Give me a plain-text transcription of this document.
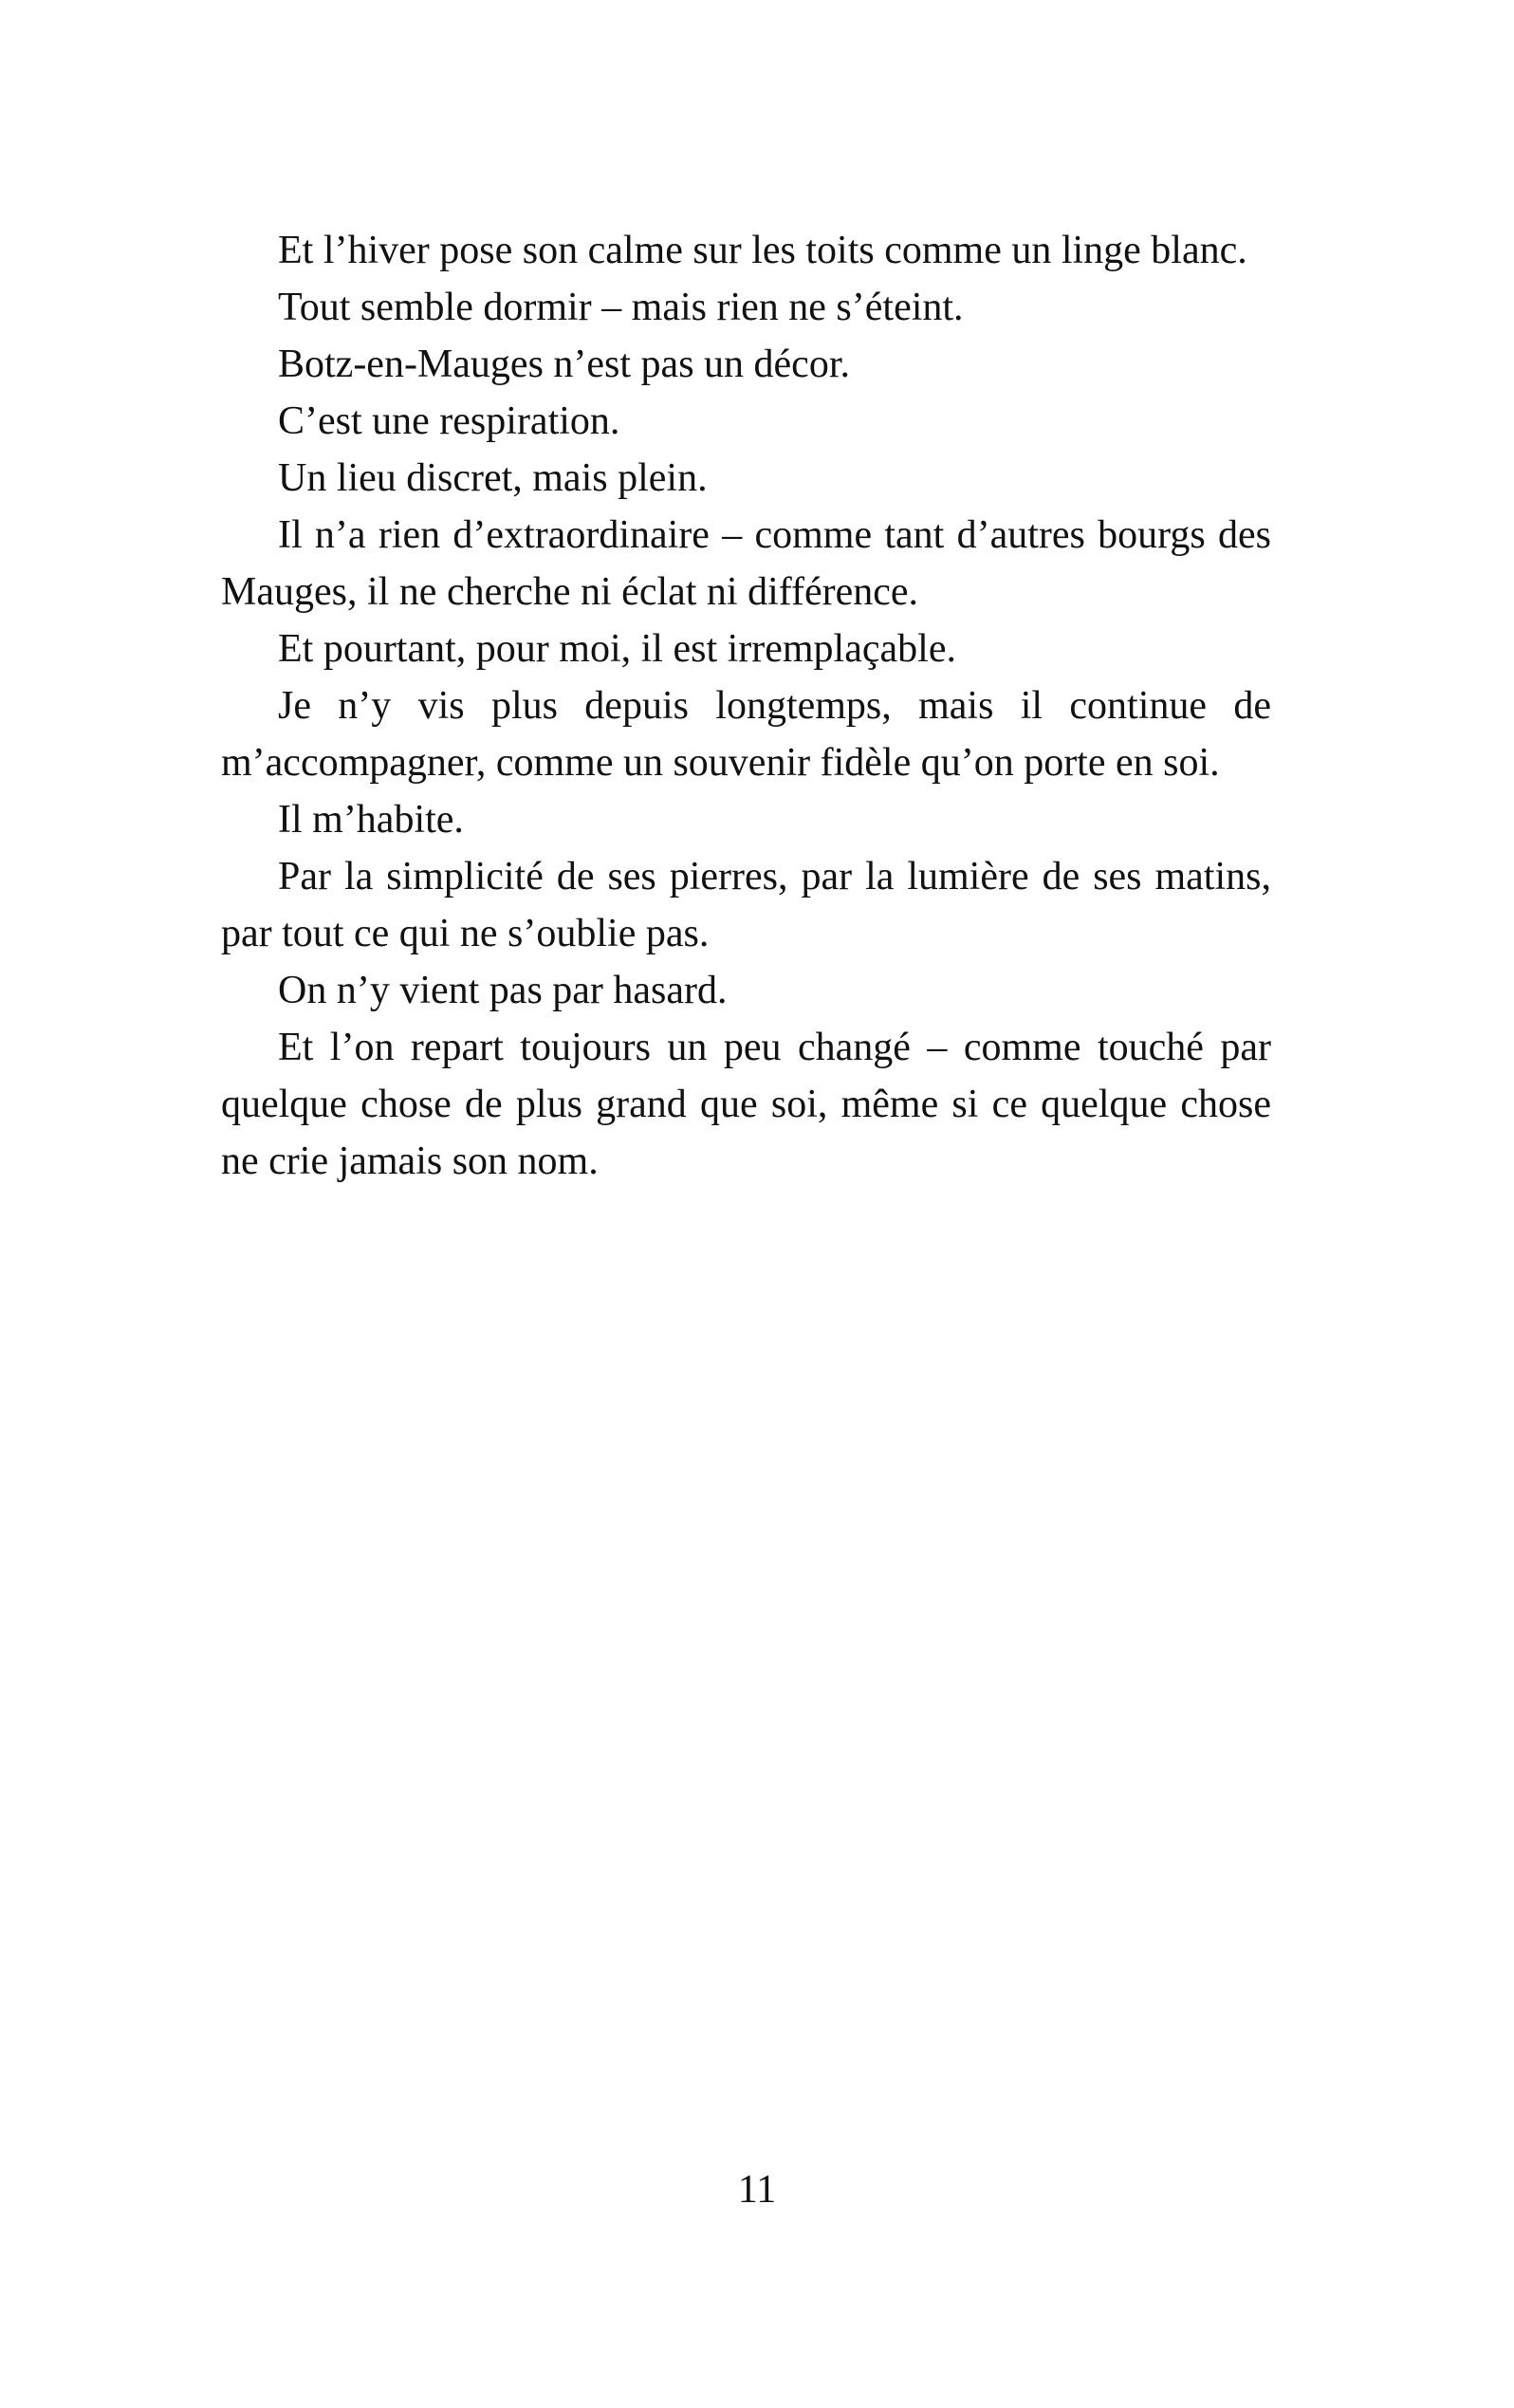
Et l’hiver pose son calme sur les toits comme un linge blanc.

Tout semble dormir – mais rien ne s’éteint.

Botz-en-Mauges n’est pas un décor.

C’est une respiration.

Un lieu discret, mais plein.

Il n’a rien d’extraordinaire – comme tant d’autres bourgs des Mauges, il ne cherche ni éclat ni différence.

Et pourtant, pour moi, il est irremplaçable.

Je n’y vis plus depuis longtemps, mais il continue de m’accompagner, comme un souvenir fidèle qu’on porte en soi.

Il m’habite.

Par la simplicité de ses pierres, par la lumière de ses matins, par tout ce qui ne s’oublie pas.

On n’y vient pas par hasard.

Et l’on repart toujours un peu changé – comme touché par quelque chose de plus grand que soi, même si ce quelque chose ne crie jamais son nom.

11
